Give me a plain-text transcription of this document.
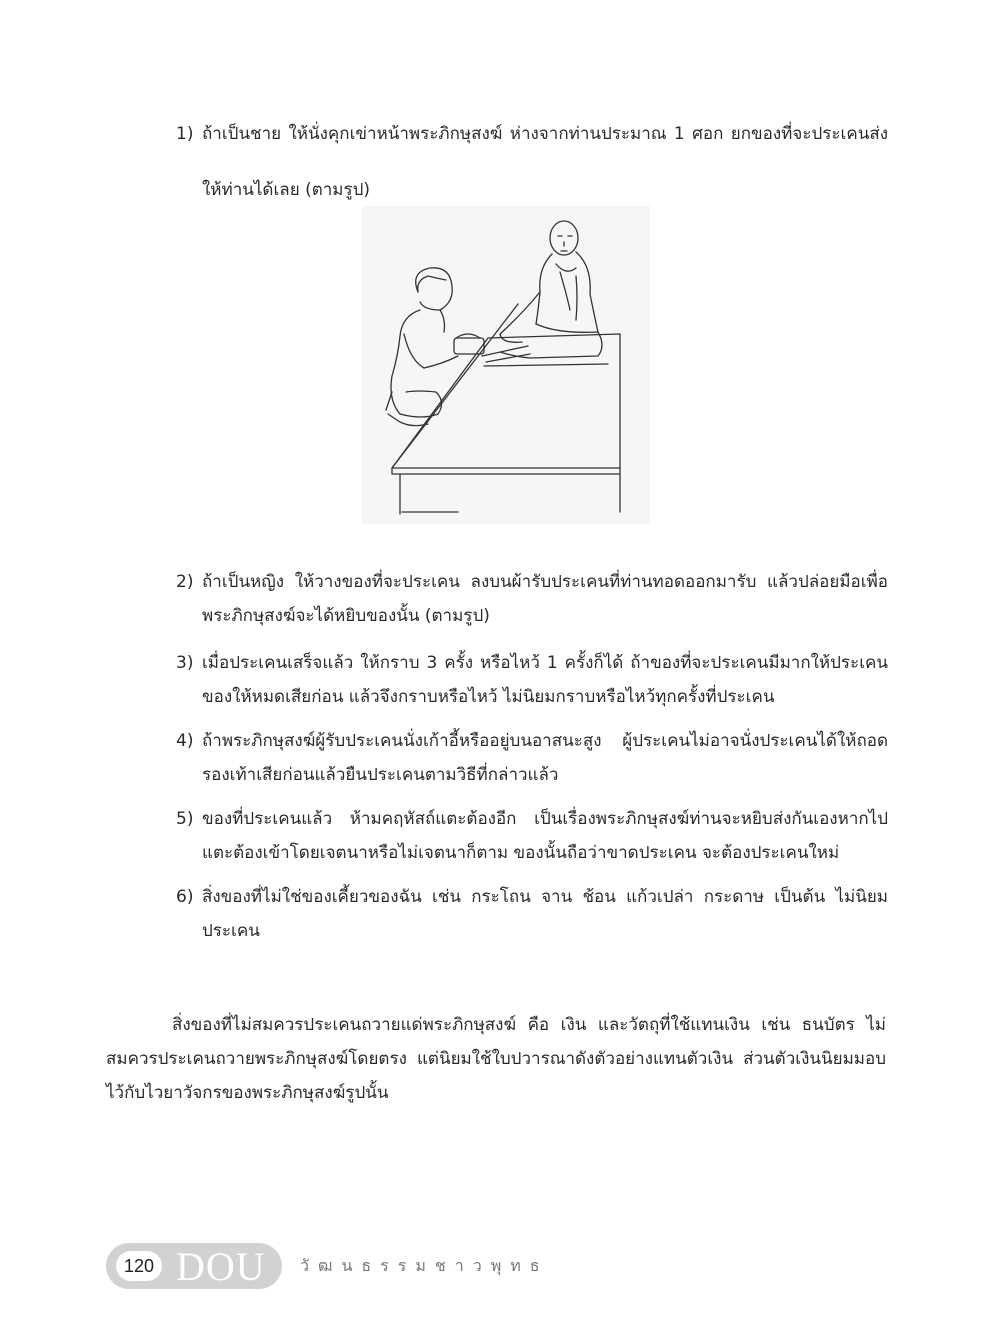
1) ถ้าเป็นชาย ให้นั่งคุกเข่าหน้าพระภิกษุสงฆ์ ห่างจากท่านประมาณ 1 ศอก ยกของที่จะประเคนส่งให้ท่านได้เลย (ตามรูป)
2) ถ้าเป็นหญิง ให้วางของที่จะประเคน ลงบนผ้ารับประเคนที่ท่านทอดออกมารับ แล้วปล่อยมือเพื่อพระภิกษุสงฆ์จะได้หยิบของนั้น (ตามรูป)
3) เมื่อประเคนเสร็จแล้ว ให้กราบ 3 ครั้ง หรือไหว้ 1 ครั้งก็ได้ ถ้าของที่จะประเคนมีมากให้ประเคนของให้หมดเสียก่อน แล้วจึงกราบหรือไหว้ ไม่นิยมกราบหรือไหว้ทุกครั้งที่ประเคน
4) ถ้าพระภิกษุสงฆ์ผู้รับประเคนนั่งเก้าอี้หรืออยู่บนอาสนะสูง ผู้ประเคนไม่อาจนั่งประเคนได้ให้ถอดรองเท้าเสียก่อนแล้วยืนประเคนตามวิธีที่กล่าวแล้ว
5) ของที่ประเคนแล้ว ห้ามคฤหัสถ์แตะต้องอีก เป็นเรื่องพระภิกษุสงฆ์ท่านจะหยิบส่งกันเองหากไปแตะต้องเข้าโดยเจตนาหรือไม่เจตนาก็ตาม ของนั้นถือว่าขาดประเคน จะต้องประเคนใหม่
6) สิ่งของที่ไม่ใช่ของเคี้ยวของฉัน เช่น กระโถน จาน ช้อน แก้วเปล่า กระดาษ เป็นต้น ไม่นิยมประเคน
สิ่งของที่ไม่สมควรประเคนถวายแด่พระภิกษุสงฆ์ คือ เงิน และวัตถุที่ใช้แทนเงิน เช่น ธนบัตร ไม่สมควรประเคนถวายพระภิกษุสงฆ์โดยตรง แต่นิยมใช้ใบปวารณาดังตัวอย่างแทนตัวเงิน ส่วนตัวเงินนิยมมอบไว้กับไวยาวัจกรของพระภิกษุสงฆ์รูปนั้น
120 DOU วัฒนธรรมชาวพุทธ
